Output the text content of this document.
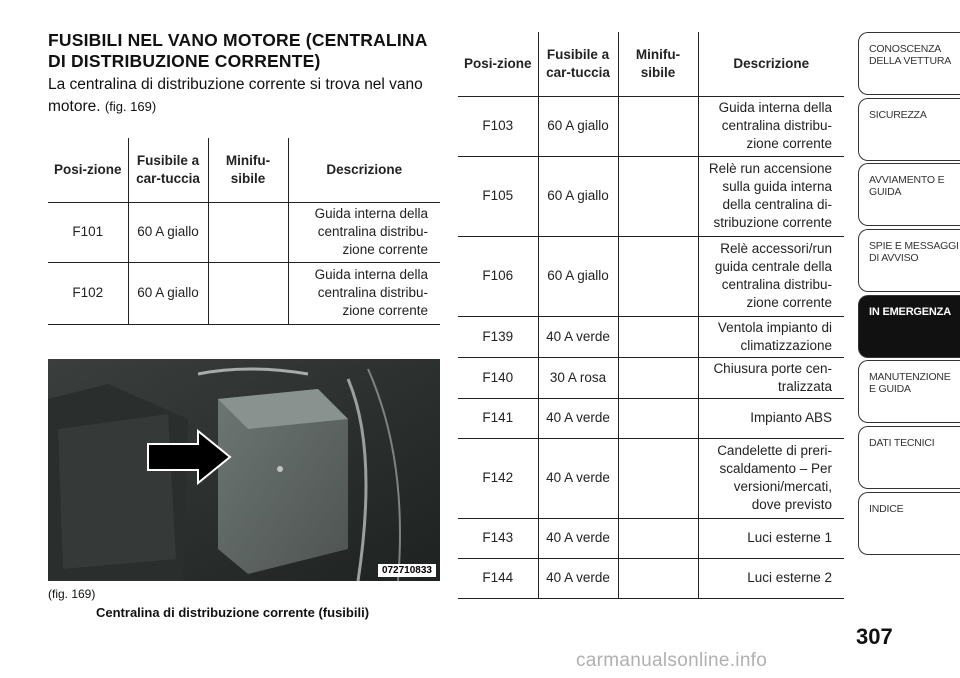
FUSIBILI NEL VANO MOTORE (CENTRALINA DI DISTRIBUZIONE CORRENTE)
La centralina di distribuzione corrente si trova nel vano motore. (fig. 169)
Posi-zione	Fusibile a car-tuccia	Minifu-sibile	Descrizione
F101	60 A giallo		Guida interna della centralina distribu-zione corrente
F102	60 A giallo		Guida interna della centralina distribu-zione corrente
072710833
(fig. 169)
Centralina di distribuzione corrente (fusibili)
Posi-zione	Fusibile a car-tuccia	Minifu-sibile	Descrizione
F103	60 A giallo		Guida interna della centralina distribu-zione corrente
F105	60 A giallo		Relè run accensione sulla guida interna della centralina di-stribuzione corrente
F106	60 A giallo		Relè accessori/run guida centrale della centralina distribu-zione corrente
F139	40 A verde		Ventola impianto di climatizzazione
F140	30 A rosa		Chiusura porte cen-tralizzata
F141	40 A verde		Impianto ABS
F142	40 A verde		Candelette di preri-scaldamento – Per versioni/mercati, dove previsto
F143	40 A verde		Luci esterne 1
F144	40 A verde		Luci esterne 2
CONOSCENZA DELLA VETTURA
SICUREZZA
AVVIAMENTO E GUIDA
SPIE E MESSAGGI DI AVVISO
IN EMERGENZA
MANUTENZIONE E GUIDA
DATI TECNICI
INDICE
307
carmanualsonline.info
